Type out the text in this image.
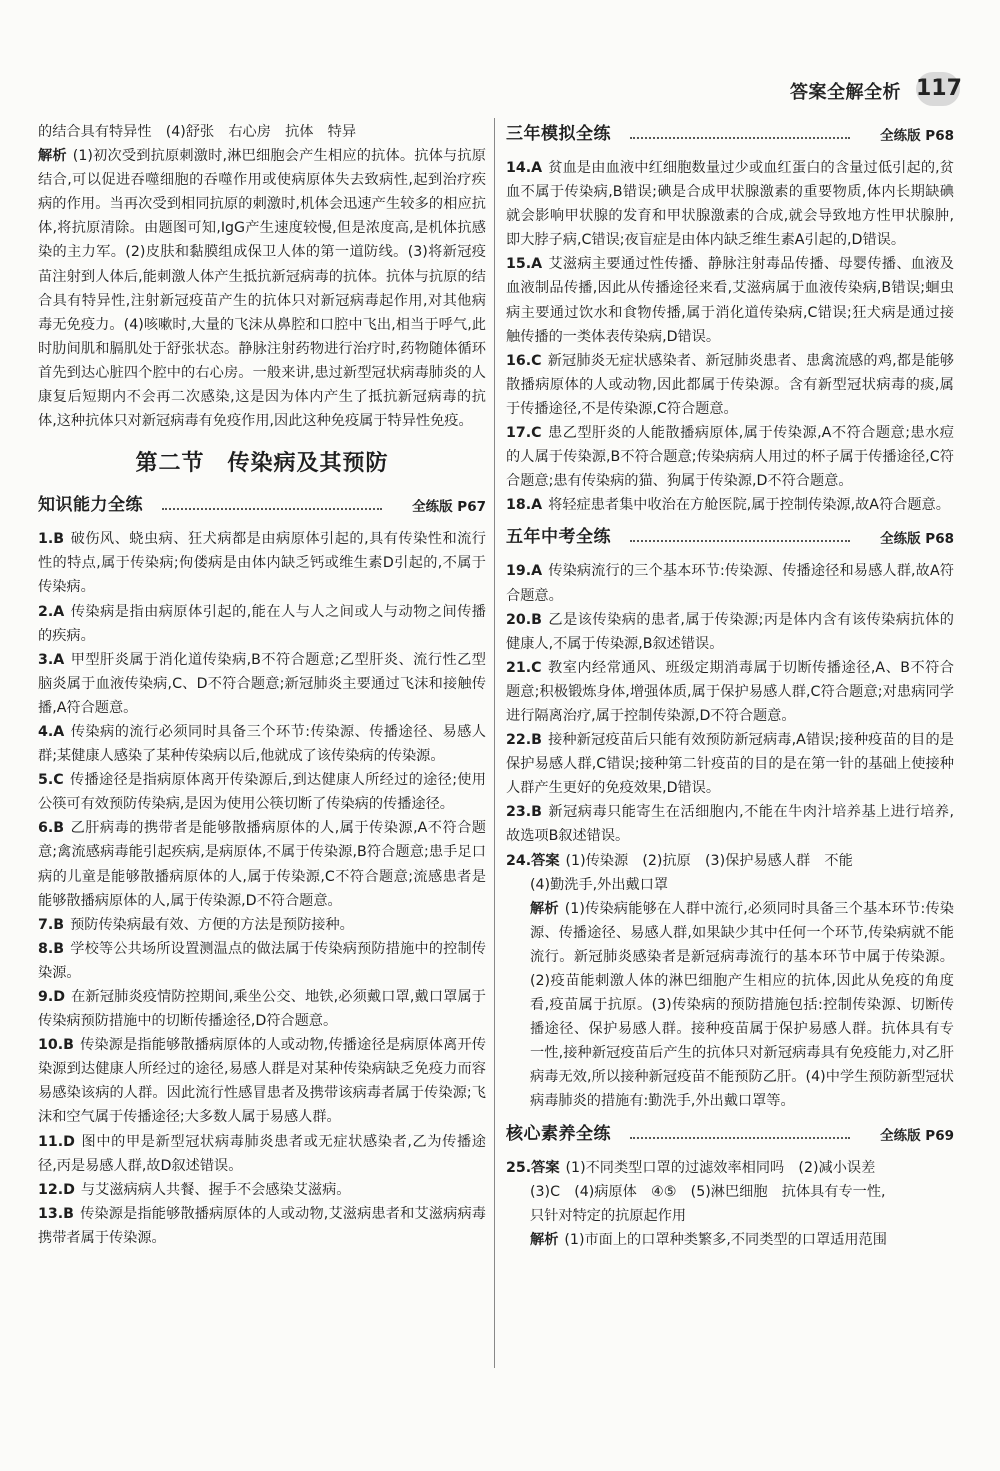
答案全解全析 117

的结合具有特异性　(4)舒张　右心房　抗体　特异

解析 (1)初次受到抗原刺激时,淋巴细胞会产生相应的抗体。抗体与抗原结合,可以促进吞噬细胞的吞噬作用或使病原体失去致病性,起到治疗疾病的作用。当再次受到相同抗原的刺激时,机体会迅速产生较多的相应抗体,将抗原清除。由题图可知,IgG产生速度较慢,但是浓度高,是机体抗感染的主力军。(2)皮肤和黏膜组成保卫人体的第一道防线。(3)将新冠疫苗注射到人体后,能刺激人体产生抵抗新冠病毒的抗体。抗体与抗原的结合具有特异性,注射新冠疫苗产生的抗体只对新冠病毒起作用,对其他病毒无免疫力。(4)咳嗽时,大量的飞沫从鼻腔和口腔中飞出,相当于呼气,此时肋间肌和膈肌处于舒张状态。静脉注射药物进行治疗时,药物随体循环首先到达心脏四个腔中的右心房。一般来讲,患过新型冠状病毒肺炎的人康复后短期内不会再二次感染,这是因为体内产生了抵抗新冠病毒的抗体,这种抗体只对新冠病毒有免疫作用,因此这种免疫属于特异性免疫。

第二节　传染病及其预防
知识能力全练	全练版 P67

1.B 破伤风、蛲虫病、狂犬病都是由病原体引起的,具有传染性和流行性的特点,属于传染病;佝偻病是由体内缺乏钙或维生素D引起的,不属于传染病。

2.A 传染病是指由病原体引起的,能在人与人之间或人与动物之间传播的疾病。

3.A 甲型肝炎属于消化道传染病,B不符合题意;乙型肝炎、流行性乙型脑炎属于血液传染病,C、D不符合题意;新冠肺炎主要通过飞沫和接触传播,A符合题意。

4.A 传染病的流行必须同时具备三个环节:传染源、传播途径、易感人群;某健康人感染了某种传染病以后,他就成了该传染病的传染源。

5.C 传播途径是指病原体离开传染源后,到达健康人所经过的途径;使用公筷可有效预防传染病,是因为使用公筷切断了传染病的传播途径。

6.B 乙肝病毒的携带者是能够散播病原体的人,属于传染源,A不符合题意;禽流感病毒能引起疾病,是病原体,不属于传染源,B符合题意;患手足口病的儿童是能够散播病原体的人,属于传染源,C不符合题意;流感患者是能够散播病原体的人,属于传染源,D不符合题意。

7.B 预防传染病最有效、方便的方法是预防接种。

8.B 学校等公共场所设置测温点的做法属于传染病预防措施中的控制传染源。

9.D 在新冠肺炎疫情防控期间,乘坐公交、地铁,必须戴口罩,戴口罩属于传染病预防措施中的切断传播途径,D符合题意。

10.B 传染源是指能够散播病原体的人或动物,传播途径是病原体离开传染源到达健康人所经过的途径,易感人群是对某种传染病缺乏免疫力而容易感染该病的人群。因此流行性感冒患者及携带该病毒者属于传染源;飞沫和空气属于传播途径;大多数人属于易感人群。

11.D 图中的甲是新型冠状病毒肺炎患者或无症状感染者,乙为传播途径,丙是易感人群,故D叙述错误。

12.D 与艾滋病病人共餐、握手不会感染艾滋病。

13.B 传染源是指能够散播病原体的人或动物,艾滋病患者和艾滋病病毒携带者属于传染源。

三年模拟全练	全练版 P68

14.A 贫血是由血液中红细胞数量过少或血红蛋白的含量过低引起的,贫血不属于传染病,B错误;碘是合成甲状腺激素的重要物质,体内长期缺碘就会影响甲状腺的发育和甲状腺激素的合成,就会导致地方性甲状腺肿,即大脖子病,C错误;夜盲症是由体内缺乏维生素A引起的,D错误。

15.A 艾滋病主要通过性传播、静脉注射毒品传播、母婴传播、血液及血液制品传播,因此从传播途径来看,艾滋病属于血液传染病,B错误;蛔虫病主要通过饮水和食物传播,属于消化道传染病,C错误;狂犬病是通过接触传播的一类体表传染病,D错误。

16.C 新冠肺炎无症状感染者、新冠肺炎患者、患禽流感的鸡,都是能够散播病原体的人或动物,因此都属于传染源。含有新型冠状病毒的痰,属于传播途径,不是传染源,C符合题意。

17.C 患乙型肝炎的人能散播病原体,属于传染源,A不符合题意;患水痘的人属于传染源,B不符合题意;传染病病人用过的杯子属于传播途径,C符合题意;患有传染病的猫、狗属于传染源,D不符合题意。

18.A 将轻症患者集中收治在方舱医院,属于控制传染源,故A符合题意。

五年中考全练	全练版 P68

19.A 传染病流行的三个基本环节:传染源、传播途径和易感人群,故A符合题意。

20.B 乙是该传染病的患者,属于传染源;丙是体内含有该传染病抗体的健康人,不属于传染源,B叙述错误。

21.C 教室内经常通风、班级定期消毒属于切断传播途径,A、B不符合题意;积极锻炼身体,增强体质,属于保护易感人群,C符合题意;对患病同学进行隔离治疗,属于控制传染源,D不符合题意。

22.B 接种新冠疫苗后只能有效预防新冠病毒,A错误;接种疫苗的目的是保护易感人群,C错误;接种第二针疫苗的目的是在第一针的基础上使接种人群产生更好的免疫效果,D错误。

23.B 新冠病毒只能寄生在活细胞内,不能在牛肉汁培养基上进行培养,故选项B叙述错误。

24.答案 (1)传染源　(2)抗原　(3)保护易感人群　不能

(4)勤洗手,外出戴口罩

解析 (1)传染病能够在人群中流行,必须同时具备三个基本环节:传染源、传播途径、易感人群,如果缺少其中任何一个环节,传染病就不能流行。新冠肺炎感染者是新冠病毒流行的基本环节中属于传染源。(2)疫苗能刺激人体的淋巴细胞产生相应的抗体,因此从免疫的角度看,疫苗属于抗原。(3)传染病的预防措施包括:控制传染源、切断传播途径、保护易感人群。接种疫苗属于保护易感人群。抗体具有专一性,接种新冠疫苗后产生的抗体只对新冠病毒具有免疫能力,对乙肝病毒无效,所以接种新冠疫苗不能预防乙肝。(4)中学生预防新型冠状病毒肺炎的措施有:勤洗手,外出戴口罩等。

核心素养全练	全练版 P69

25.答案 (1)不同类型口罩的过滤效率相同吗　(2)减小误差

(3)C　(4)病原体　④⑤　(5)淋巴细胞　抗体具有专一性,

只针对特定的抗原起作用

解析 (1)市面上的口罩种类繁多,不同类型的口罩适用范围
